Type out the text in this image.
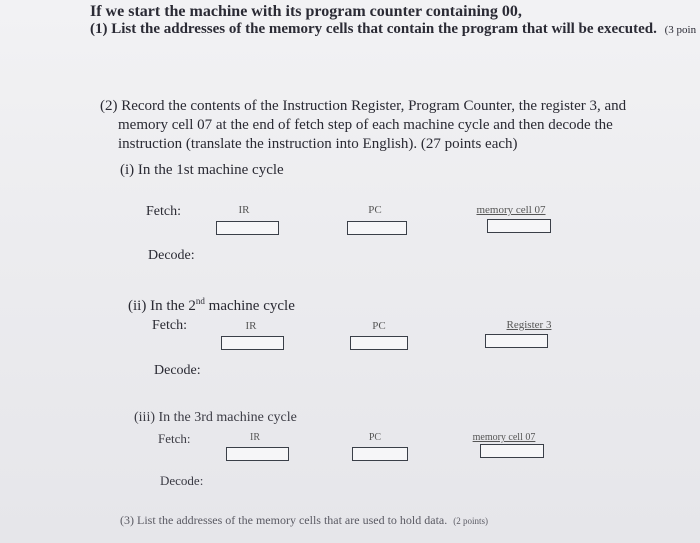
If we start the machine with its program counter containing 00,
(1) List the addresses of the memory cells that contain the program that will be executed. (3 poin
(2) Record the contents of the Instruction Register, Program Counter, the register 3, and
memory cell 07 at the end of fetch step of each machine cycle and then decode the
instruction (translate the instruction into English). (27 points each)
(i) In the 1st machine cycle
Fetch:	IR	PC	memory cell 07
Decode:
(ii) In the 2nd machine cycle
Fetch:	IR	PC	Register 3
Decode:
(iii) In the 3rd machine cycle
Fetch:	IR	PC	memory cell 07
Decode:
(3) List the addresses of the memory cells that are used to hold data. (2 points)
